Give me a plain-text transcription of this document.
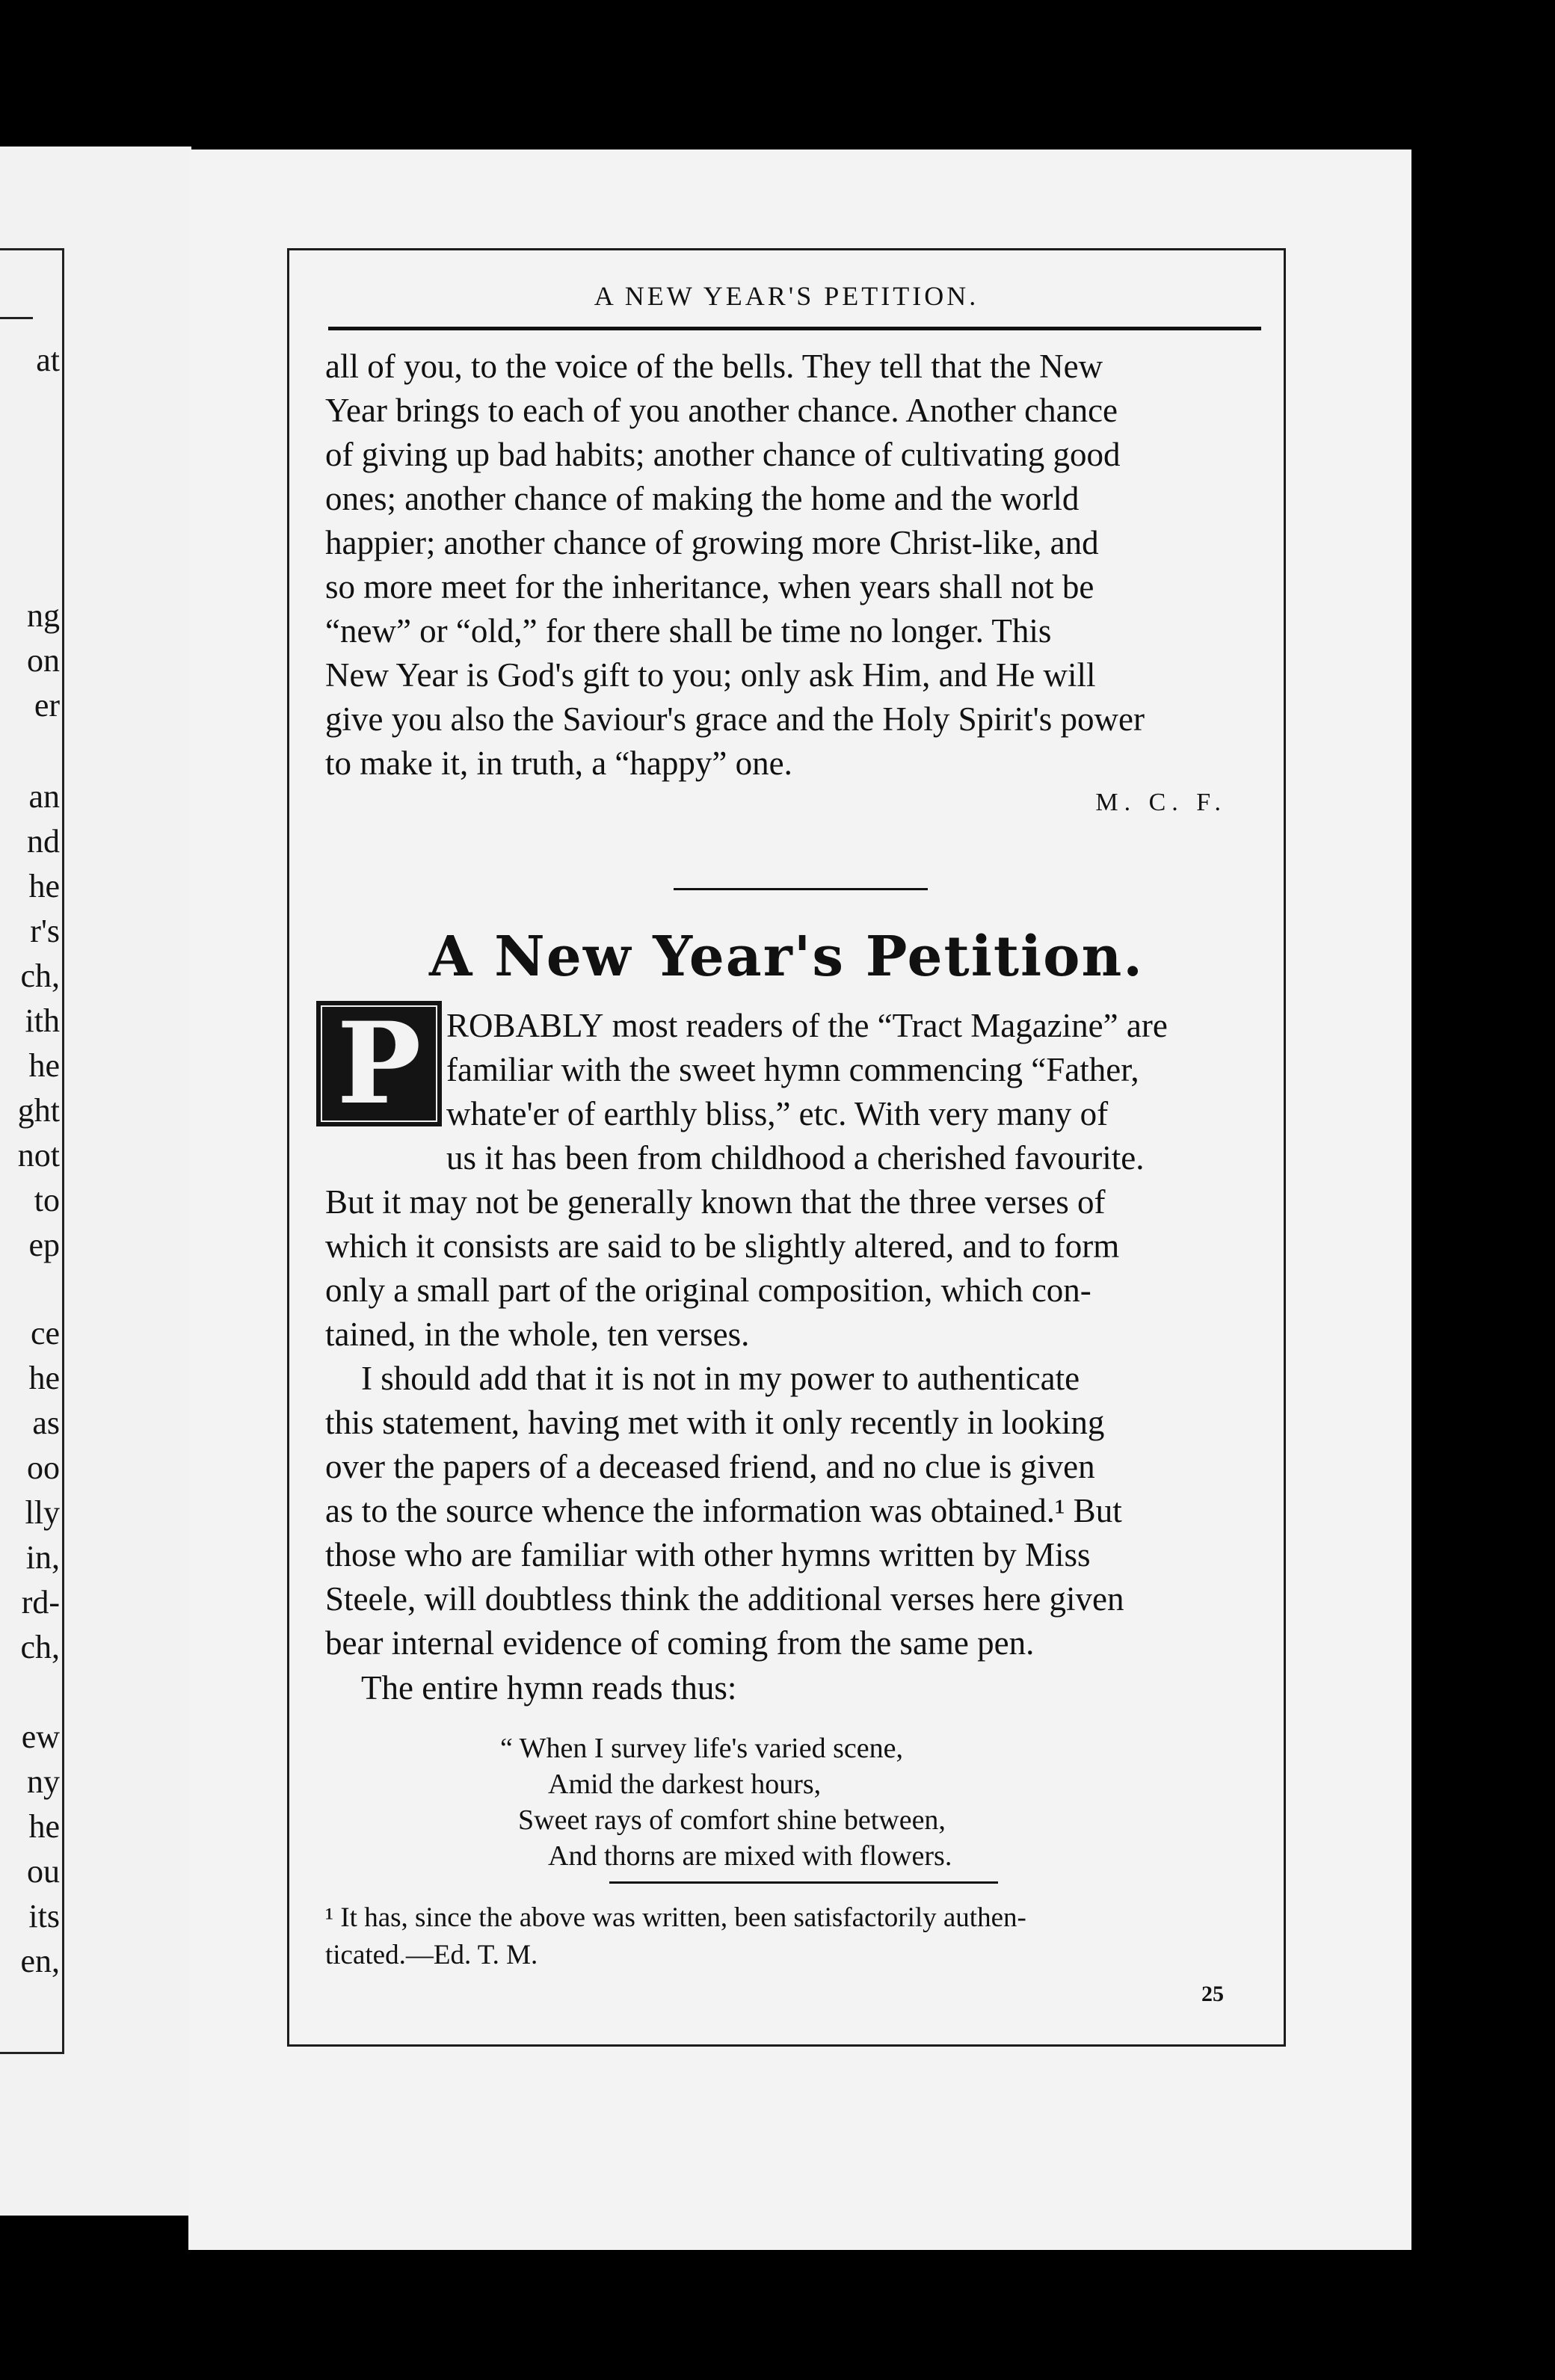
at
ng
on
er
an
nd
he
r's
ch,
ith
he
ght
not
to
ep
ce
he
as
oo
lly
in,
rd-
ch,
ew
ny
he
ou
its
en,
A NEW YEAR'S PETITION.
all of you, to the voice of the bells. They tell that the New
Year brings to each of you another chance. Another chance
of giving up bad habits; another chance of cultivating good
ones; another chance of making the home and the world
happier; another chance of growing more Christ-like, and
so more meet for the inheritance, when years shall not be
“new” or “old,” for there shall be time no longer. This
New Year is God's gift to you; only ask Him, and He will
give you also the Saviour's grace and the Holy Spirit's power
to make it, in truth, a “happy” one.
M. C. F.
A New Year's Petition.
P ROBABLY most readers of the “Tract Magazine” are
familiar with the sweet hymn commencing “Father,
whate'er of earthly bliss,” etc. With very many of
us it has been from childhood a cherished favourite.
But it may not be generally known that the three verses of
which it consists are said to be slightly altered, and to form
only a small part of the original composition, which con-
tained, in the whole, ten verses.
I should add that it is not in my power to authenticate
this statement, having met with it only recently in looking
over the papers of a deceased friend, and no clue is given
as to the source whence the information was obtained.¹ But
those who are familiar with other hymns written by Miss
Steele, will doubtless think the additional verses here given
bear internal evidence of coming from the same pen.
The entire hymn reads thus:
“ When I survey life's varied scene,
Amid the darkest hours,
Sweet rays of comfort shine between,
And thorns are mixed with flowers.
¹ It has, since the above was written, been satisfactorily authen-
ticated.—Ed. T. M.
25
